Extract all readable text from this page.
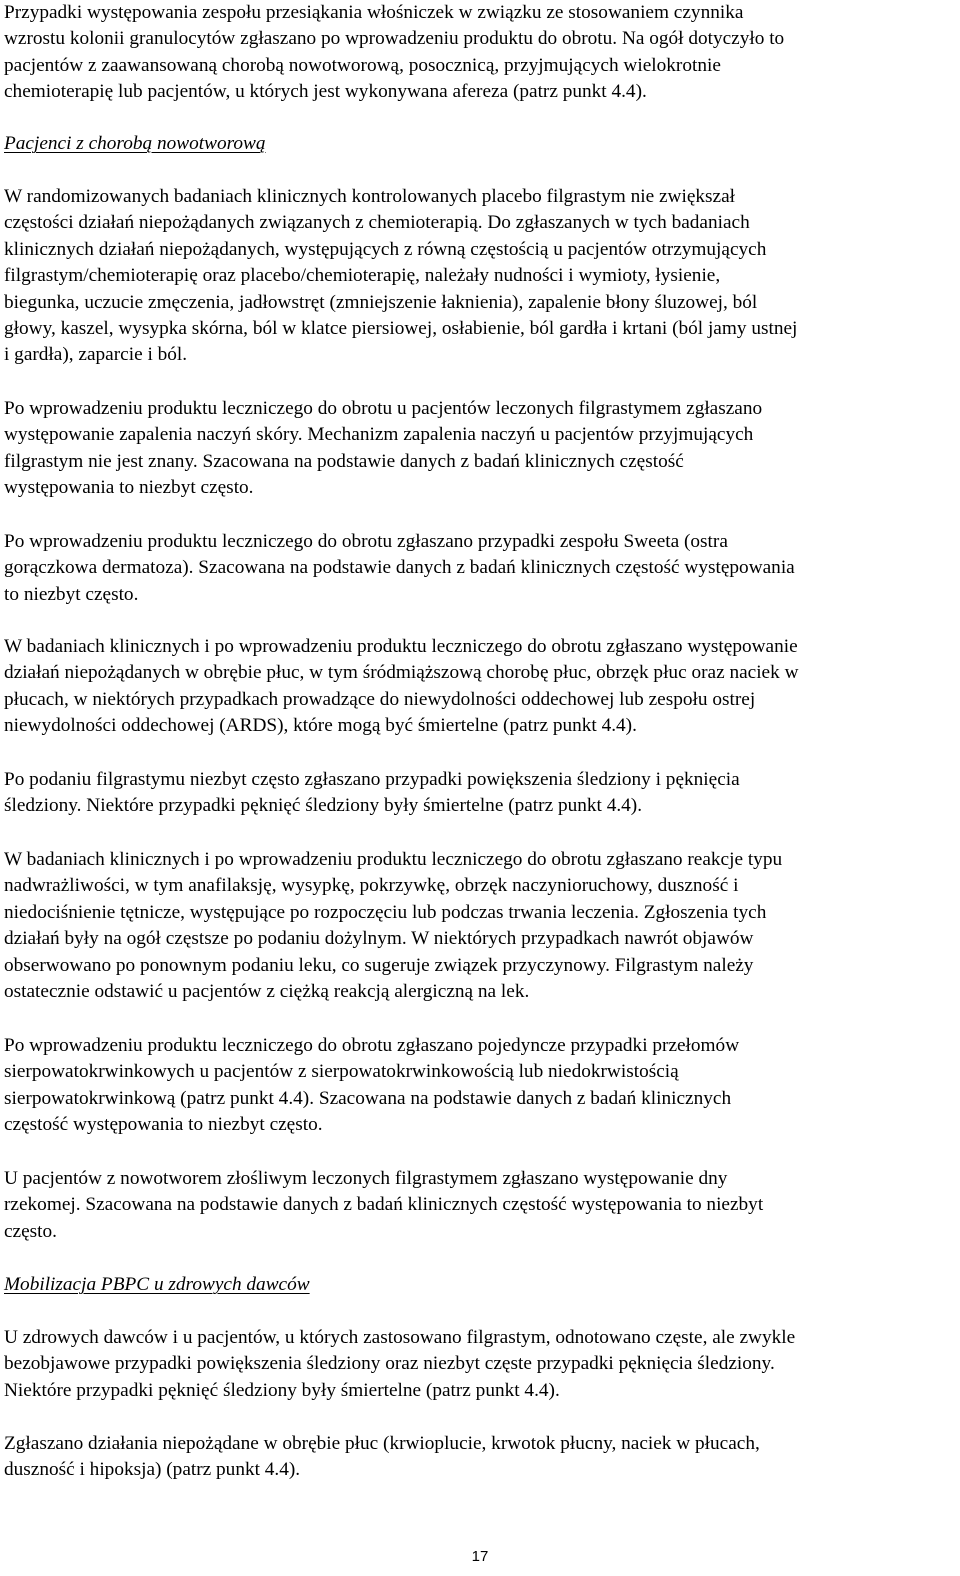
Przypadki występowania zespołu przesiąkania włośniczek w związku ze stosowaniem czynnika
wzrostu kolonii granulocytów zgłaszano po wprowadzeniu produktu do obrotu. Na ogół dotyczyło to
pacjentów z zaawansowaną chorobą nowotworową, posocznicą, przyjmujących wielokrotnie
chemioterapię lub pacjentów, u których jest wykonywana afereza (patrz punkt 4.4).
Pacjenci z chorobą nowotworową
W randomizowanych badaniach klinicznych kontrolowanych placebo filgrastym nie zwiększał
częstości działań niepożądanych związanych z chemioterapią. Do zgłaszanych w tych badaniach
klinicznych działań niepożądanych, występujących z równą częstością u pacjentów otrzymujących
filgrastym/chemioterapię oraz placebo/chemioterapię, należały nudności i wymioty, łysienie,
biegunka, uczucie zmęczenia, jadłowstręt (zmniejszenie łaknienia), zapalenie błony śluzowej, ból
głowy, kaszel, wysypka skórna, ból w klatce piersiowej, osłabienie, ból gardła i krtani (ból jamy ustnej
i gardła), zaparcie i ból.
Po wprowadzeniu produktu leczniczego do obrotu u pacjentów leczonych filgrastymem zgłaszano
występowanie zapalenia naczyń skóry. Mechanizm zapalenia naczyń u pacjentów przyjmujących
filgrastym nie jest znany. Szacowana na podstawie danych z badań klinicznych częstość
występowania to niezbyt często.
Po wprowadzeniu produktu leczniczego do obrotu zgłaszano przypadki zespołu Sweeta (ostra
gorączkowa dermatoza). Szacowana na podstawie danych z badań klinicznych częstość występowania
to niezbyt często.
W badaniach klinicznych i po wprowadzeniu produktu leczniczego do obrotu zgłaszano występowanie
działań niepożądanych w obrębie płuc, w tym śródmiąższową chorobę płuc, obrzęk płuc oraz naciek w
płucach, w niektórych przypadkach prowadzące do niewydolności oddechowej lub zespołu ostrej
niewydolności oddechowej (ARDS), które mogą być śmiertelne (patrz punkt 4.4).
Po podaniu filgrastymu niezbyt często zgłaszano przypadki powiększenia śledziony i pęknięcia
śledziony. Niektóre przypadki pęknięć śledziony były śmiertelne (patrz punkt 4.4).
W badaniach klinicznych i po wprowadzeniu produktu leczniczego do obrotu zgłaszano reakcje typu
nadwrażliwości, w tym anafilaksję, wysypkę, pokrzywkę, obrzęk naczynioruchowy, duszność i
niedociśnienie tętnicze, występujące po rozpoczęciu lub podczas trwania leczenia. Zgłoszenia tych
działań były na ogół częstsze po podaniu dożylnym. W niektórych przypadkach nawrót objawów
obserwowano po ponownym podaniu leku, co sugeruje związek przyczynowy. Filgrastym należy
ostatecznie odstawić u pacjentów z ciężką reakcją alergiczną na lek.
Po wprowadzeniu produktu leczniczego do obrotu zgłaszano pojedyncze przypadki przełomów
sierpowatokrwinkowych u pacjentów z sierpowatokrwinkowością lub niedokrwistością
sierpowatokrwinkową (patrz punkt 4.4). Szacowana na podstawie danych z badań klinicznych
częstość występowania to niezbyt często.
U pacjentów z nowotworem złośliwym leczonych filgrastymem zgłaszano występowanie dny
rzekomej. Szacowana na podstawie danych z badań klinicznych częstość występowania to niezbyt
często.
Mobilizacja PBPC u zdrowych dawców
U zdrowych dawców i u pacjentów, u których zastosowano filgrastym, odnotowano częste, ale zwykle
bezobjawowe przypadki powiększenia śledziony oraz niezbyt częste przypadki pęknięcia śledziony.
Niektóre przypadki pęknięć śledziony były śmiertelne (patrz punkt 4.4).
Zgłaszano działania niepożądane w obrębie płuc (krwioplucie, krwotok płucny, naciek w płucach,
duszność i hipoksja) (patrz punkt 4.4).
17
